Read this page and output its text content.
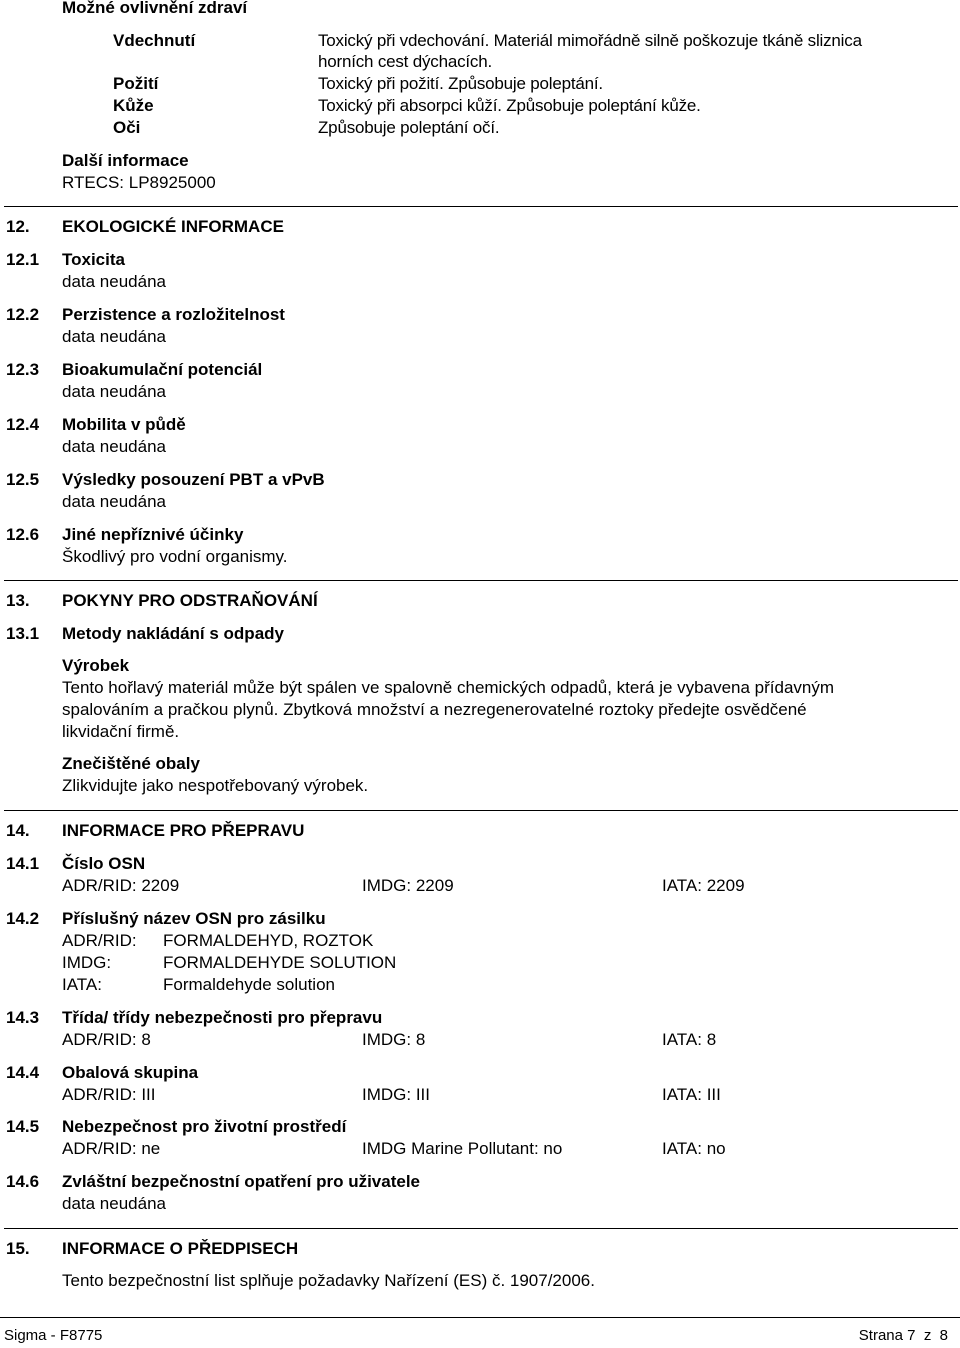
Možné ovlivnění zdraví
Vdechnutí	Toxický při vdechování. Materiál mimořádně silně poškozuje tkáně sliznica
horních cest dýchacích.
Požití	Toxický při požití. Způsobuje poleptání.
Kůže	Toxický při absorpci kůží. Způsobuje poleptání kůže.
Oči	Způsobuje poleptání očí.
Další informace
RTECS: LP8925000
12. EKOLOGICKÉ INFORMACE
12.1 Toxicita
data neudána
12.2 Perzistence a rozložitelnost
data neudána
12.3 Bioakumulační potenciál
data neudána
12.4 Mobilita v půdě
data neudána
12.5 Výsledky posouzení PBT a vPvB
data neudána
12.6 Jiné nepříznivé účinky
Škodlivý pro vodní organismy.
13. POKYNY PRO ODSTRAŇOVÁNÍ
13.1 Metody nakládání s odpady
Výrobek
Tento hořlavý materiál může být spálen ve spalovně chemických odpadů, která je vybavena přídavným
spalováním a pračkou plynů. Zbytková množství a nezregenerovatelné roztoky předejte osvědčené
likvidační firmě.
Znečištěné obaly
Zlikvidujte jako nespotřebovaný výrobek.
14. INFORMACE PRO PŘEPRAVU
14.1 Číslo OSN
ADR/RID: 2209	IMDG: 2209	IATA: 2209
14.2 Příslušný název OSN pro zásilku
ADR/RID: FORMALDEHYD, ROZTOK
IMDG:	FORMALDEHYDE SOLUTION
IATA:	Formaldehyde solution
14.3 Třída/ třídy nebezpečnosti pro přepravu
ADR/RID: 8	IMDG: 8	IATA: 8
14.4 Obalová skupina
ADR/RID: III	IMDG: III	IATA: III
14.5 Nebezpečnost pro životní prostředí
ADR/RID: ne	IMDG Marine Pollutant: no	IATA: no
14.6 Zvláštní bezpečnostní opatření pro uživatele
data neudána
15. INFORMACE O PŘEDPISECH
Tento bezpečnostní list splňuje požadavky Nařízení (ES) č. 1907/2006.
Sigma - F8775	Strana 7  z  8
